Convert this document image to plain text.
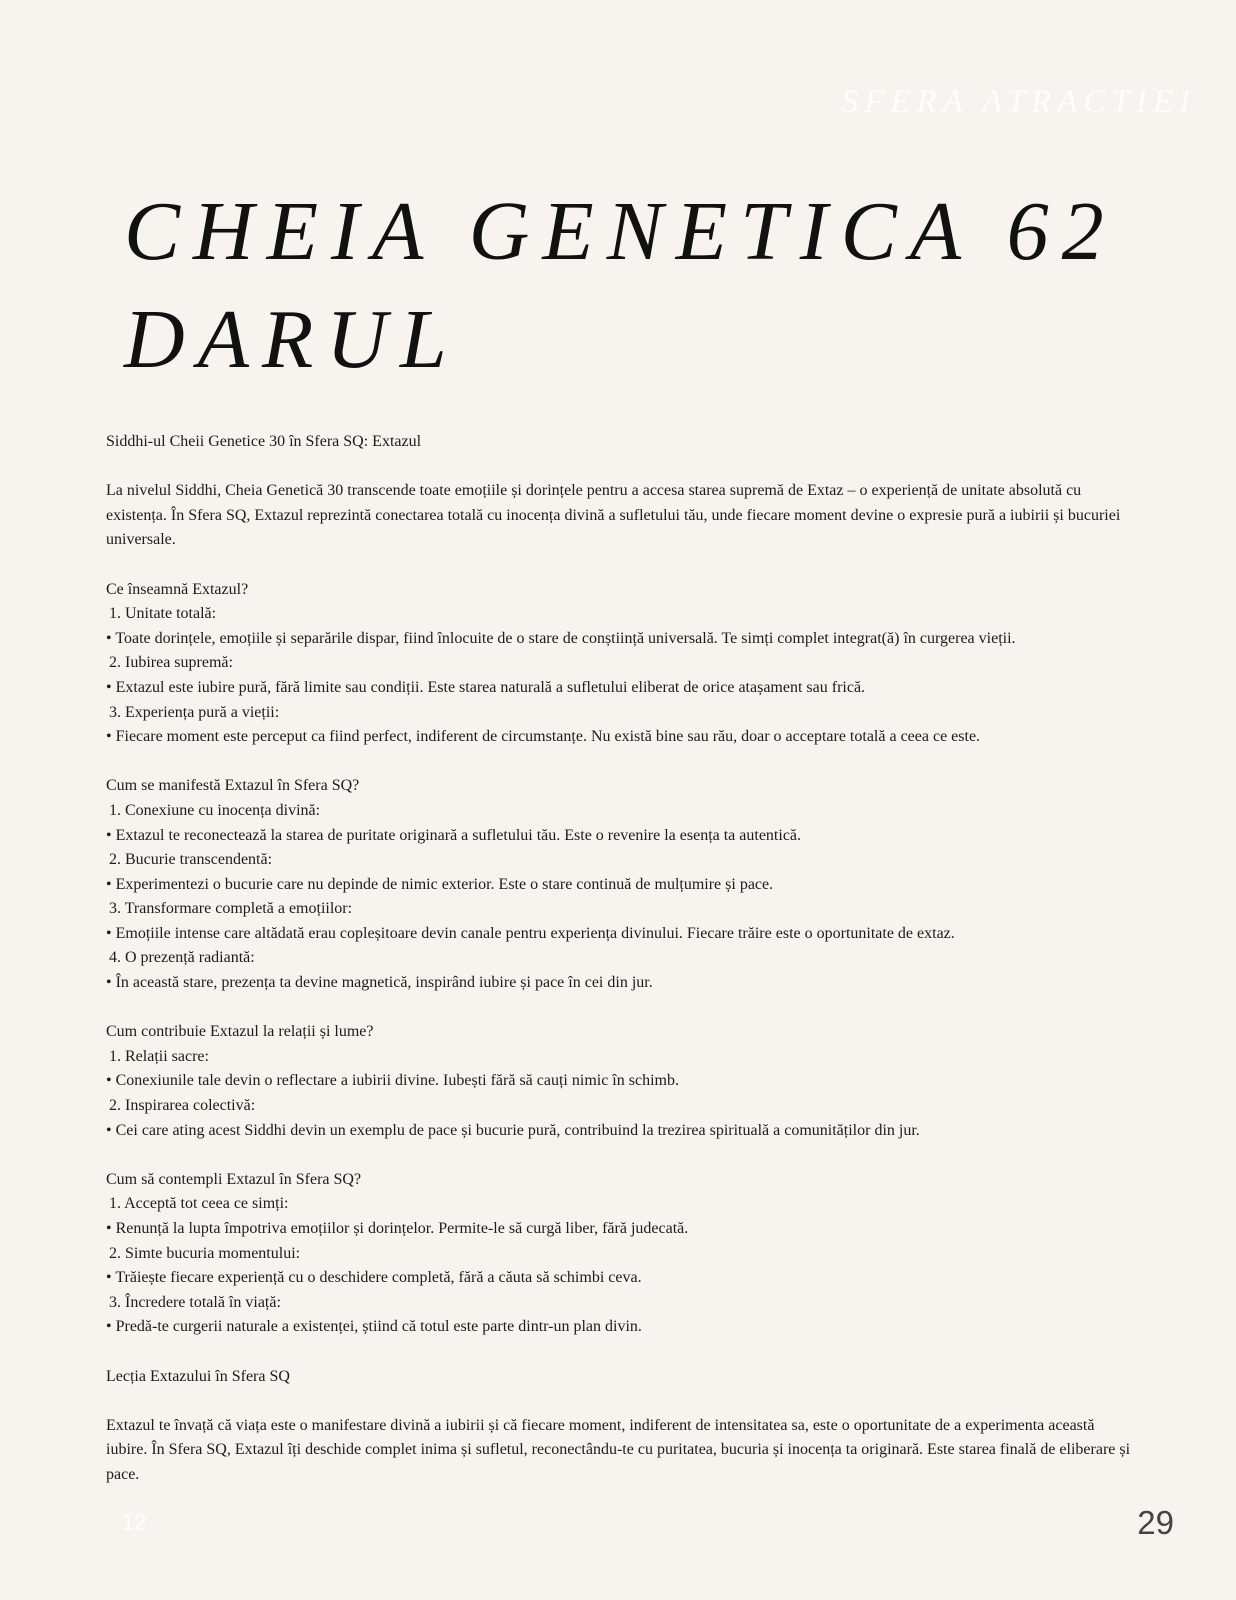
SFERA ATRACTIEI
CHEIA GENETICA 62
DARUL

Siddhi-ul Cheii Genetice 30 în Sfera SQ: Extazul

La nivelul Siddhi, Cheia Genetică 30 transcende toate emoțiile și dorințele pentru a accesa starea supremă de Extaz – o experiență de unitate absolută cu existența. În Sfera SQ, Extazul reprezintă conectarea totală cu inocența divină a sufletului tău, unde fiecare moment devine o expresie pură a iubirii și bucuriei universale.

Ce înseamnă Extazul?
1. Unitate totală:
• Toate dorințele, emoțiile și separările dispar, fiind înlocuite de o stare de conștiință universală. Te simți complet integrat(ă) în curgerea vieții.
2. Iubirea supremă:
• Extazul este iubire pură, fără limite sau condiții. Este starea naturală a sufletului eliberat de orice atașament sau frică.
3. Experiența pură a vieții:
• Fiecare moment este perceput ca fiind perfect, indiferent de circumstanțe. Nu există bine sau rău, doar o acceptare totală a ceea ce este.

Cum se manifestă Extazul în Sfera SQ?
1. Conexiune cu inocența divină:
• Extazul te reconectează la starea de puritate originară a sufletului tău. Este o revenire la esența ta autentică.
2. Bucurie transcendentă:
• Experimentezi o bucurie care nu depinde de nimic exterior. Este o stare continuă de mulțumire și pace.
3. Transformare completă a emoțiilor:
• Emoțiile intense care altădată erau copleșitoare devin canale pentru experiența divinului. Fiecare trăire este o oportunitate de extaz.
4. O prezență radiantă:
• În această stare, prezența ta devine magnetică, inspirând iubire și pace în cei din jur.

Cum contribuie Extazul la relații și lume?
1. Relații sacre:
• Conexiunile tale devin o reflectare a iubirii divine. Iubești fără să cauți nimic în schimb.
2. Inspirarea colectivă:
• Cei care ating acest Siddhi devin un exemplu de pace și bucurie pură, contribuind la trezirea spirituală a comunităților din jur.

Cum să contempli Extazul în Sfera SQ?
1. Acceptă tot ceea ce simți:
• Renunță la lupta împotriva emoțiilor și dorințelor. Permite-le să curgă liber, fără judecată.
2. Simte bucuria momentului:
• Trăiește fiecare experiență cu o deschidere completă, fără a căuta să schimbi ceva.
3. Încredere totală în viață:
• Predă-te curgerii naturale a existenței, știind că totul este parte dintr-un plan divin.

Lecția Extazului în Sfera SQ

Extazul te învață că viața este o manifestare divină a iubirii și că fiecare moment, indiferent de intensitatea sa, este o oportunitate de a experimenta această iubire. În Sfera SQ, Extazul îți deschide complet inima și sufletul, reconectându-te cu puritatea, bucuria și inocența ta originară. Este starea finală de eliberare și pace.

12	29
